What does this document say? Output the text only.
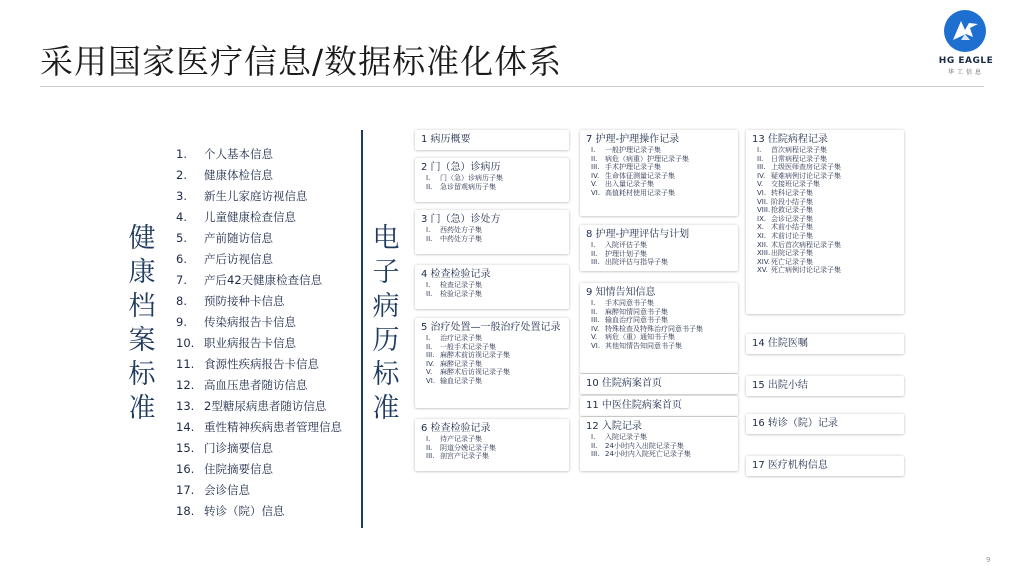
采用国家医疗信息/数据标准化体系	HG EAGLE
华工信息
健
康
档
案
标
准
1.	个人基本信息
2.	健康体检信息
3.	新生儿家庭访视信息
4.	儿童健康检查信息
5.	产前随访信息
6.	产后访视信息
7.	产后42天健康检查信息
8.	预防接种卡信息
9.	传染病报告卡信息
10. 职业病报告卡信息
11. 食源性疾病报告卡信息
12. 高血压患者随访信息
13. 2型糖尿病患者随访信息
14. 重性精神疾病患者管理信息
15. 门诊摘要信息
16. 住院摘要信息
17. 会诊信息
18. 转诊（院）信息
电
子
病
历
标
准
1 病历概要
2 门（急）诊病历
I.	门（急）诊病历子集
II.	急诊留观病历子集
3 门（急）诊处方
I.	西药处方子集
II.	中药处方子集
4 检查检验记录
I.	检查记录子集
II.	检验记录子集
5 治疗处置—一般治疗处置记录
I.	治疗记录子集
II.	一般手术记录子集
III. 麻醉术前访视记录子集
IV. 麻醉记录子集
V.	麻醉术后访视记录子集
VI. 输血记录子集
6 检查检验记录
I.	待产记录子集
II.	阴道分娩记录子集
III. 剖宫产记录子集
7 护理-护理操作记录
I.	一般护理记录子集
II.	病危（病重）护理记录子集
III. 手术护理记录子集
IV. 生命体征测量记录子集
V.	出入量记录子集
VI. 高值耗材使用记录子集
8 护理-护理评估与计划
I.	入院评估子集
II.	护理计划子集
III. 出院评估与指导子集
9 知情告知信息
I.	手术同意书子集
II.	麻醉知情同意书子集
III. 输血治疗同意书子集
IV. 特殊检查及特殊治疗同意书子集
V.	病危（重）通知书子集
VI. 其他知情告知同意书子集
10 住院病案首页
11 中医住院病案首页
12 入院记录
I.	入院记录子集
II.	24小时内入出院记录子集
III. 24小时内入院死亡记录子集
13 住院病程记录
I.	首次病程记录子集
II.	日常病程记录子集
III. 上级医师查房记录子集
IV. 疑难病例讨论记录子集
V.	交接班记录子集
VI. 转科记录子集
VII. 阶段小结子集
VIII. 抢救记录子集
IX. 会诊记录子集
X. 术前小结子集
XI. 术前讨论子集
XII. 术后首次病程记录子集
XIII. 出院记录子集
XIV. 死亡记录子集
XV. 死亡病例讨论记录子集
14 住院医嘱
15 出院小结
16 转诊（院）记录
17 医疗机构信息
9
